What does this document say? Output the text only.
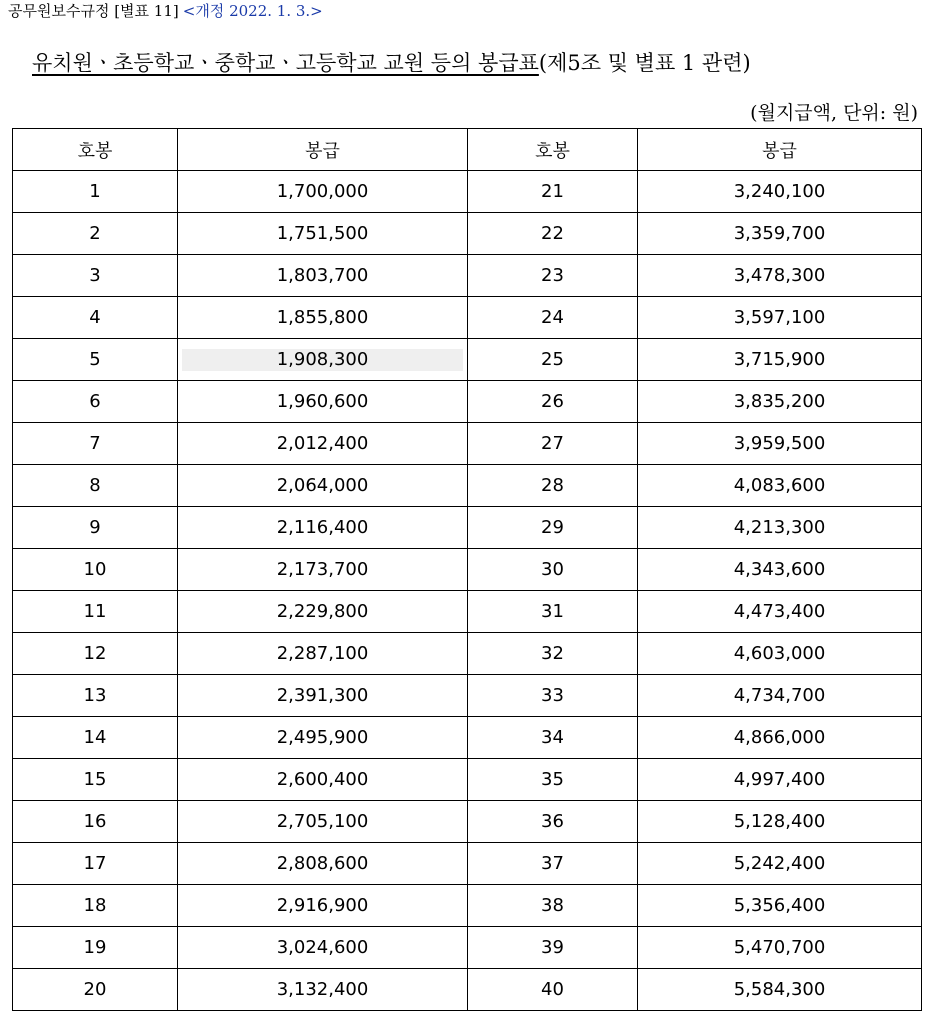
공무원보수규정 [별표 11] <개정 2022. 1. 3.>
유치원ㆍ초등학교ㆍ중학교ㆍ고등학교 교원 등의 봉급표(제5조 및 별표 1 관련)
(월지급액, 단위: 원)
호봉	봉급	호봉	봉급
1	1,700,000	21	3,240,100
2	1,751,500	22	3,359,700
3	1,803,700	23	3,478,300
4	1,855,800	24	3,597,100
5	1,908,300	25	3,715,900
6	1,960,600	26	3,835,200
7	2,012,400	27	3,959,500
8	2,064,000	28	4,083,600
9	2,116,400	29	4,213,300
10	2,173,700	30	4,343,600
11	2,229,800	31	4,473,400
12	2,287,100	32	4,603,000
13	2,391,300	33	4,734,700
14	2,495,900	34	4,866,000
15	2,600,400	35	4,997,400
16	2,705,100	36	5,128,400
17	2,808,600	37	5,242,400
18	2,916,900	38	5,356,400
19	3,024,600	39	5,470,700
20	3,132,400	40	5,584,300
